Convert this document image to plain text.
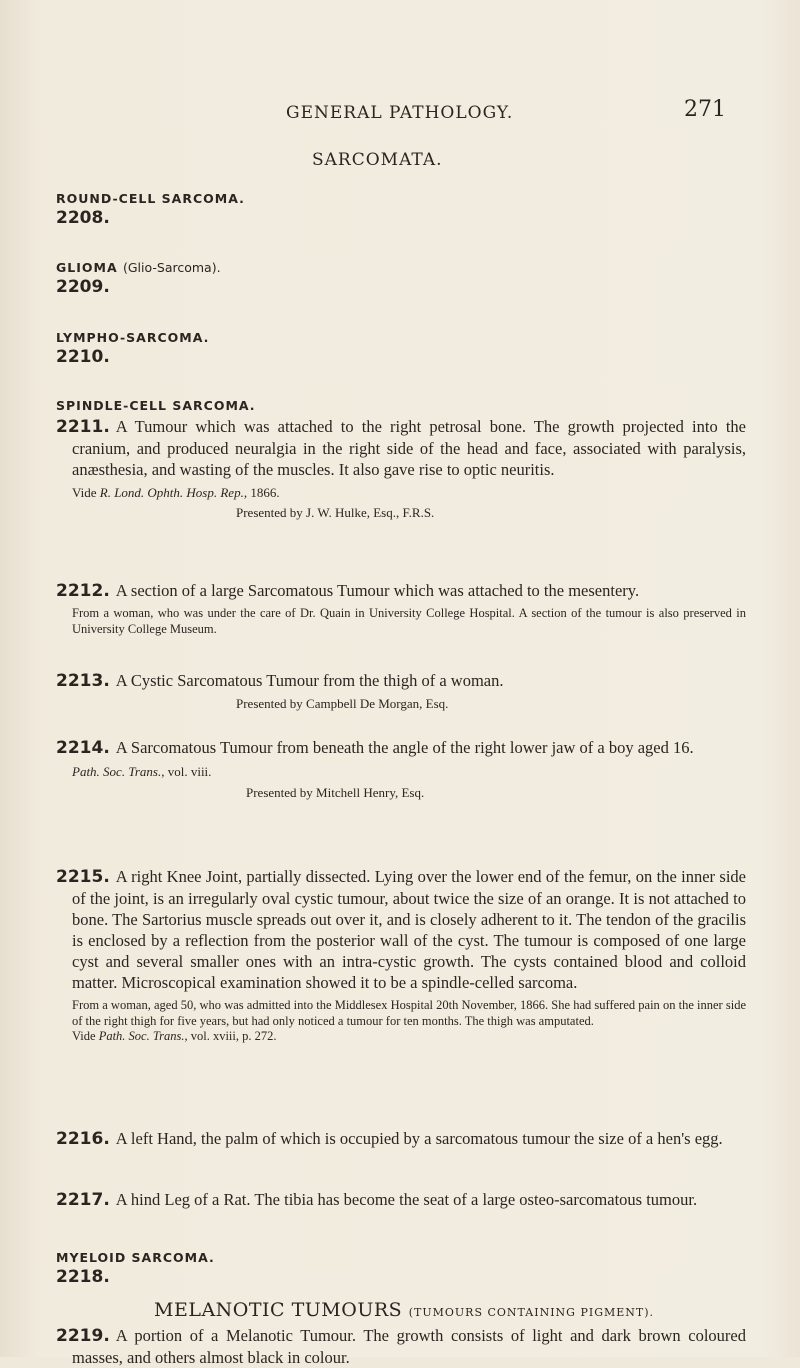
GENERAL PATHOLOGY.	271
SARCOMATA.
ROUND-CELL SARCOMA.
2208.
GLIOMA (Glio-Sarcoma).
2209.
LYMPHO-SARCOMA.
2210.
SPINDLE-CELL SARCOMA.
2211. A Tumour which was attached to the right petrosal bone. The growth projected into the cranium, and produced neuralgia in the right side of the head and face, associated with paralysis, anæsthesia, and wasting of the muscles. It also gave rise to optic neuritis.
Vide R. Lond. Ophth. Hosp. Rep., 1866.
Presented by J. W. Hulke, Esq., F.R.S.
2212. A section of a large Sarcomatous Tumour which was attached to the mesentery.
From a woman, who was under the care of Dr. Quain in University College Hospital. A section of the tumour is also preserved in University College Museum.
2213. A Cystic Sarcomatous Tumour from the thigh of a woman.
Presented by Campbell De Morgan, Esq.
2214. A Sarcomatous Tumour from beneath the angle of the right lower jaw of a boy aged 16.
Path. Soc. Trans., vol. viii.
Presented by Mitchell Henry, Esq.
2215. A right Knee Joint, partially dissected. Lying over the lower end of the femur, on the inner side of the joint, is an irregularly oval cystic tumour, about twice the size of an orange. It is not attached to bone. The Sartorius muscle spreads out over it, and is closely adherent to it. The tendon of the gracilis is enclosed by a reflection from the posterior wall of the cyst. The tumour is composed of one large cyst and several smaller ones with an intra-cystic growth. The cysts contained blood and colloid matter. Microscopical examination showed it to be a spindle-celled sarcoma.
From a woman, aged 50, who was admitted into the Middlesex Hospital 20th November, 1866. She had suffered pain on the inner side of the right thigh for five years, but had only noticed a tumour for ten months. The thigh was amputated.
Vide Path. Soc. Trans., vol. xviii, p. 272.
2216. A left Hand, the palm of which is occupied by a sarcomatous tumour the size of a hen's egg.
2217. A hind Leg of a Rat. The tibia has become the seat of a large osteo-sarcomatous tumour.
MYELOID SARCOMA.
2218.
MELANOTIC TUMOURS (TUMOURS CONTAINING PIGMENT).
2219. A portion of a Melanotic Tumour. The growth consists of light and dark brown coloured masses, and others almost black in colour.
